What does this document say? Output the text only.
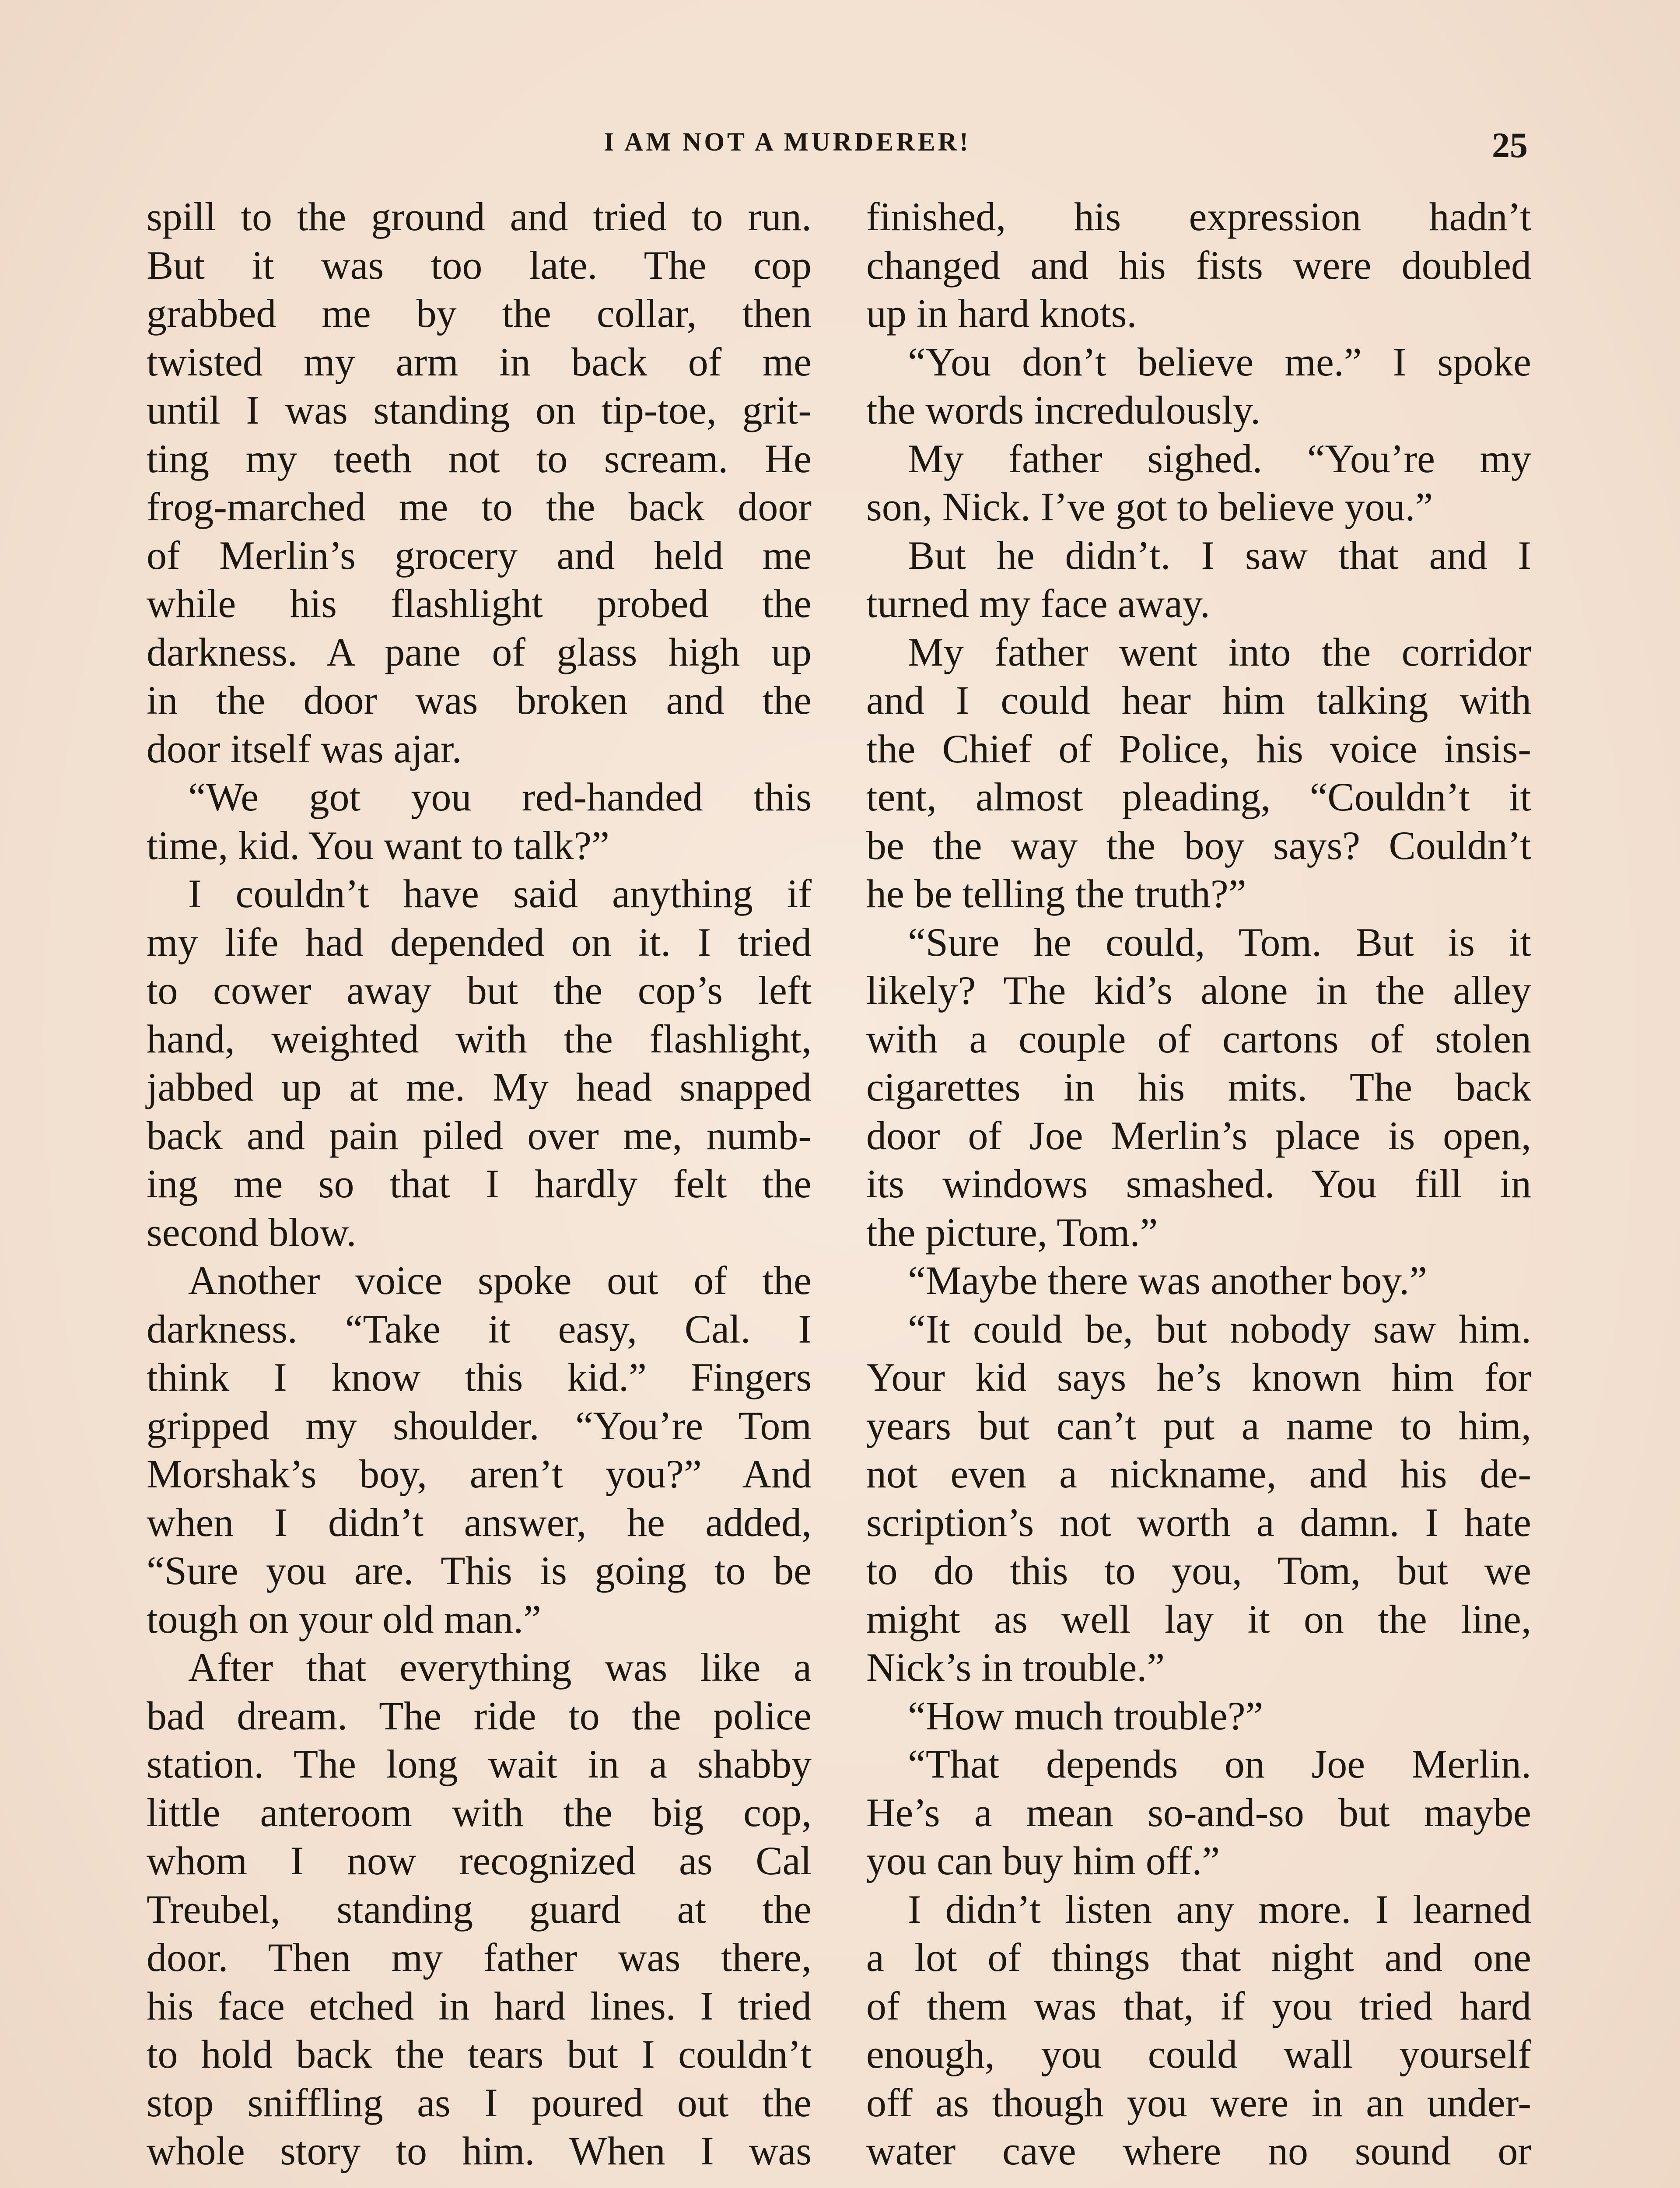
I AM NOT A MURDERER!	25
spill to the ground and tried to run.
But it was too late. The cop
grabbed me by the collar, then
twisted my arm in back of me
until I was standing on tip-toe, grit-
ting my teeth not to scream. He
frog-marched me to the back door
of Merlin’s grocery and held me
while his flashlight probed the
darkness. A pane of glass high up
in the door was broken and the
door itself was ajar.
“We got you red-handed this
time, kid. You want to talk?”
I couldn’t have said anything if
my life had depended on it. I tried
to cower away but the cop’s left
hand, weighted with the flashlight,
jabbed up at me. My head snapped
back and pain piled over me, numb-
ing me so that I hardly felt the
second blow.
Another voice spoke out of the
darkness. “Take it easy, Cal. I
think I know this kid.” Fingers
gripped my shoulder. “You’re Tom
Morshak’s boy, aren’t you?” And
when I didn’t answer, he added,
“Sure you are. This is going to be
tough on your old man.”
After that everything was like a
bad dream. The ride to the police
station. The long wait in a shabby
little anteroom with the big cop,
whom I now recognized as Cal
Treubel, standing guard at the
door. Then my father was there,
his face etched in hard lines. I tried
to hold back the tears but I couldn’t
stop sniffling as I poured out the
whole story to him. When I was
finished, his expression hadn’t
changed and his fists were doubled
up in hard knots.
“You don’t believe me.” I spoke
the words incredulously.
My father sighed. “You’re my
son, Nick. I’ve got to believe you.”
But he didn’t. I saw that and I
turned my face away.
My father went into the corridor
and I could hear him talking with
the Chief of Police, his voice insis-
tent, almost pleading, “Couldn’t it
be the way the boy says? Couldn’t
he be telling the truth?”
“Sure he could, Tom. But is it
likely? The kid’s alone in the alley
with a couple of cartons of stolen
cigarettes in his mits. The back
door of Joe Merlin’s place is open,
its windows smashed. You fill in
the picture, Tom.”
“Maybe there was another boy.”
“It could be, but nobody saw him.
Your kid says he’s known him for
years but can’t put a name to him,
not even a nickname, and his de-
scription’s not worth a damn. I hate
to do this to you, Tom, but we
might as well lay it on the line,
Nick’s in trouble.”
“How much trouble?”
“That depends on Joe Merlin.
He’s a mean so-and-so but maybe
you can buy him off.”
I didn’t listen any more. I learned
a lot of things that night and one
of them was that, if you tried hard
enough, you could wall yourself
off as though you were in an under-
water cave where no sound or
